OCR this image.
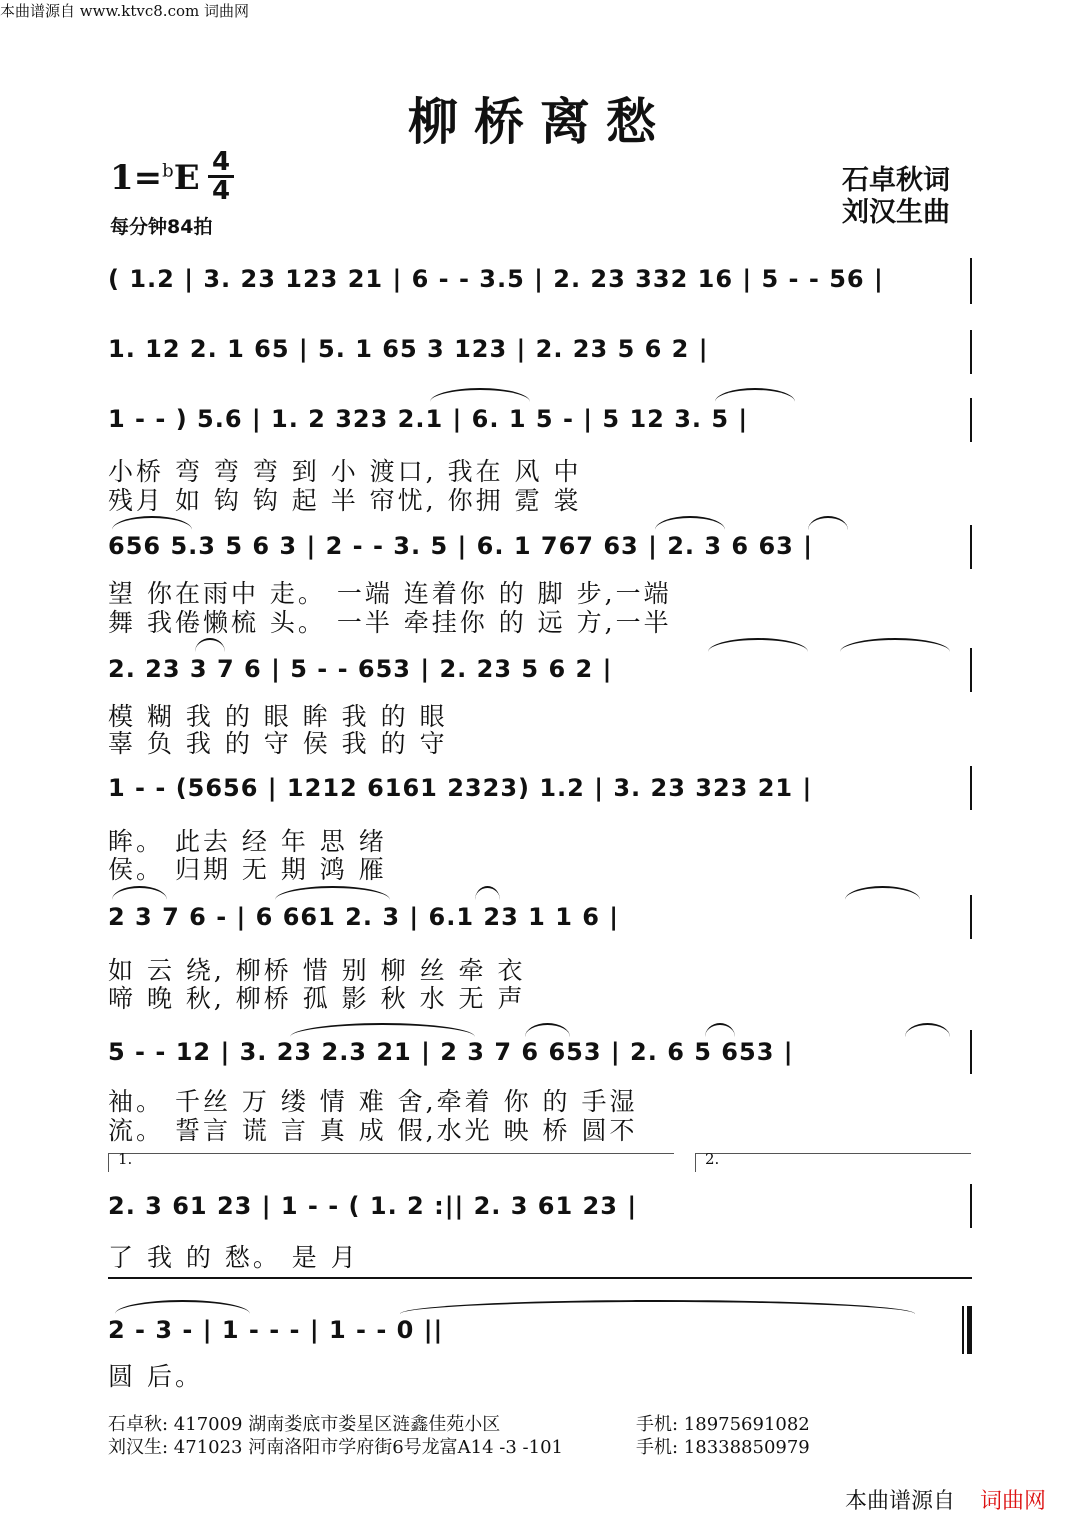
本曲谱源自 www.ktvc8.com 词曲网
柳桥离愁
1=$^b$E 4
4
每分钟84拍
石卓秋词
刘汉生曲
( 1.2 | 3. 23 123 21 | 6 - - 3.5 | 2. 23 332 16 | 5 - - 56 |
1. 12 2. 1 65 | 5. 1 65 3 123 | 2. 23 5 6 2 |
1 - - ) 5.6 | 1. 2 323 2.1 | 6. 1 5 - | 5 12 3. 5 |
小桥 弯 弯 弯 到 小 渡口, 我在 风 中
残月 如 钩 钩 起 半 帘忧, 你拥 霓 裳
656 5.3 5 6 3 | 2 - - 3. 5 | 6. 1 767 63 | 2. 3 6 63 |
望 你在雨中 走。 一端 连着你 的 脚 步,一端
舞 我倦懒梳 头。 一半 牵挂你 的 远 方,一半
2. 23 3 7 6 | 5 - - 653 | 2. 23 5 6 2 |
模 糊 我 的 眼 眸 我 的 眼
辜 负 我 的 守 侯 我 的 守
1 - - (5656 | 1212 6161 2323) 1.2 | 3. 23 323 21 |
眸。 此去 经 年 思 绪
侯。 归期 无 期 鸿 雁
2 3 7 6 - | 6 661 2. 3 | 6.1 23 1 1 6 |
如 云 绕, 柳桥 惜 别 柳 丝 牵 衣
啼 晚 秋, 柳桥 孤 影 秋 水 无 声
5 - - 12 | 3. 23 2.3 21 | 2 3 7 6 653 | 2. 6 5 653 |
袖。 千丝 万 缕 情 难 舍,牵着 你 的 手湿
流。 誓言 谎 言 真 成 假,水光 映 桥 圆不
1.	2.
2. 3 61 23 | 1 - - ( 1. 2 :|| 2. 3 61 23 |
了 我 的 愁。 是 月
2 - 3 - | 1 - - - | 1 - - 0 ||
圆 后。
石卓秋: 417009 湖南娄底市娄星区涟鑫佳苑小区	手机: 18975691082
刘汉生: 471023 河南洛阳市学府街6号龙富A14 -3 -101	手机: 18338850979
本曲谱源自 词曲网
